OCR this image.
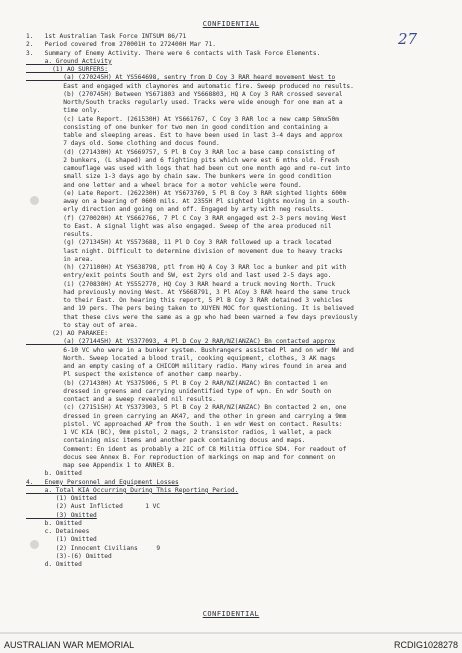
CONFIDENTIAL
27
1.   1st Australian Task Force INTSUM 86/71
2.   Period covered from 270001H to 272400H Mar 71.
3.   Summary of Enemy Activity. There were 6 contacts with Task Force Elements.
a. Ground Activity
(1) AO SURFERS:
(a) (270245H) At YS564698, sentry from D Coy 3 RAR heard movement West to
East and engaged with claymores and automatic fire. Sweep produced no results.
(b) (270745H) Between YS671803 and YS668803, HQ A Coy 3 RAR crossed several
North/South tracks regularly used. Tracks were wide enough for one man at a
time only.
(c) Late Report. (261530H) At YS661767, C Coy 3 RAR loc a new camp 50mx50m
consisting of one bunker for two men in good condition and containing a
table and sleeping areas. Est to have been used in last 3-4 days and approx
7 days old. Some clothing and docus found.
(d) (271430H) At YS669757, 5 Pl B Coy 3 RAR loc a base camp consisting of
2 bunkers, (L shaped) and 6 fighting pits which were est 6 mths old. Fresh
camouflage was used with logs that had been cut one month ago and re-cut into
small size 1-3 days ago by chain saw. The bunkers were in good condition
and one letter and a wheel brace for a motor vehicle were found.
(e) Late Report. (262230H) At YS673769, 5 Pl B Coy 3 RAR sighted lights 600m
away on a bearing of 0600 mils. At 2355H Pl sighted lights moving in a south-
erly direction and going on and off. Engaged by arty with neg results.
(f) (270020H) At YS662766, 7 Pl C Coy 3 RAR engaged est 2-3 pers moving West
to East. A signal light was also engaged. Sweep of the area produced nil
results.
(g) (271345H) At YS573688, 11 Pl D Coy 3 RAR followed up a track located
last night. Difficult to determine division of movement due to heavy tracks
in area.
(h) (271100H) At YS638798, ptl from HQ A Coy 3 RAR loc a bunker and pit with
entry/exit points South and SW, est 2yrs old and last used 2-5 days ago.
(i) (270830H) At YS552770, HQ Coy 3 RAR heard a truck moving North. Truck
had previously moving West. At YS668791, 3 Pl ACoy 3 RAR heard the same truck
to their East. On hearing this report, 5 Pl B Coy 3 RAR detained 3 vehicles
and 19 pers. The pers being taken to XUYEN MOC for questioning. It is believed
that these civs were the same as a gp who had been warned a few days previously
to stay out of area.
(2) AO PARAKEE:
(a) (271445H) At YS377093, 4 Pl D Coy 2 RAR/NZ(ANZAC) Bn contacted approx
6-10 VC who were in a bunker system. Bushrangers assisted Pl and on wdr NW and
North. Sweep located a blood trail, cooking equipment, clothes, 3 AK mags
and an empty casing of a CHICOM military radio. Many wires found in area and
Pl suspect the existence of another camp nearby.
(b) (271430H) At YS375906, 5 Pl B Coy 2 RAR/NZ(ANZAC) Bn contacted 1 en
dressed in greens and carrying unidentified type of wpn. En wdr South on
contact and a sweep revealed nil results.
(c) (271515H) At YS373903, 5 Pl B Coy 2 RAR/NZ(ANZAC) Bn contacted 2 en, one
dressed in green carrying an AK47, and the other in green and carrying a 9mm
pistol. VC approached AP from the South. 1 en wdr West on contact. Results:
1 VC KIA (BC), 9mm pistol, 2 mags, 2 transistor radios, 1 wallet, a pack
containing misc items and another pack containing docus and maps.
Comment: En ident as probably a 2IC of C8 Militia Office SD4. For readout of
docus see Annex B. For reproduction of markings on map and for comment on
map see Appendix 1 to ANNEX B.
b. Omitted
4.   Enemy Personnel and Equipment Losses
a. Total KIA Occurring During This Reporting Period.
(1) Omitted
(2) Aust Inflicted      1 VC
(3) Omitted
b. Omitted
c. Detainees
(1) Omitted
(2) Innocent Civilians     9
(3)-(6) Omitted
d. Omitted
CONFIDENTIAL
AUSTRALIAN WAR MEMORIAL	RCDIG1028278
